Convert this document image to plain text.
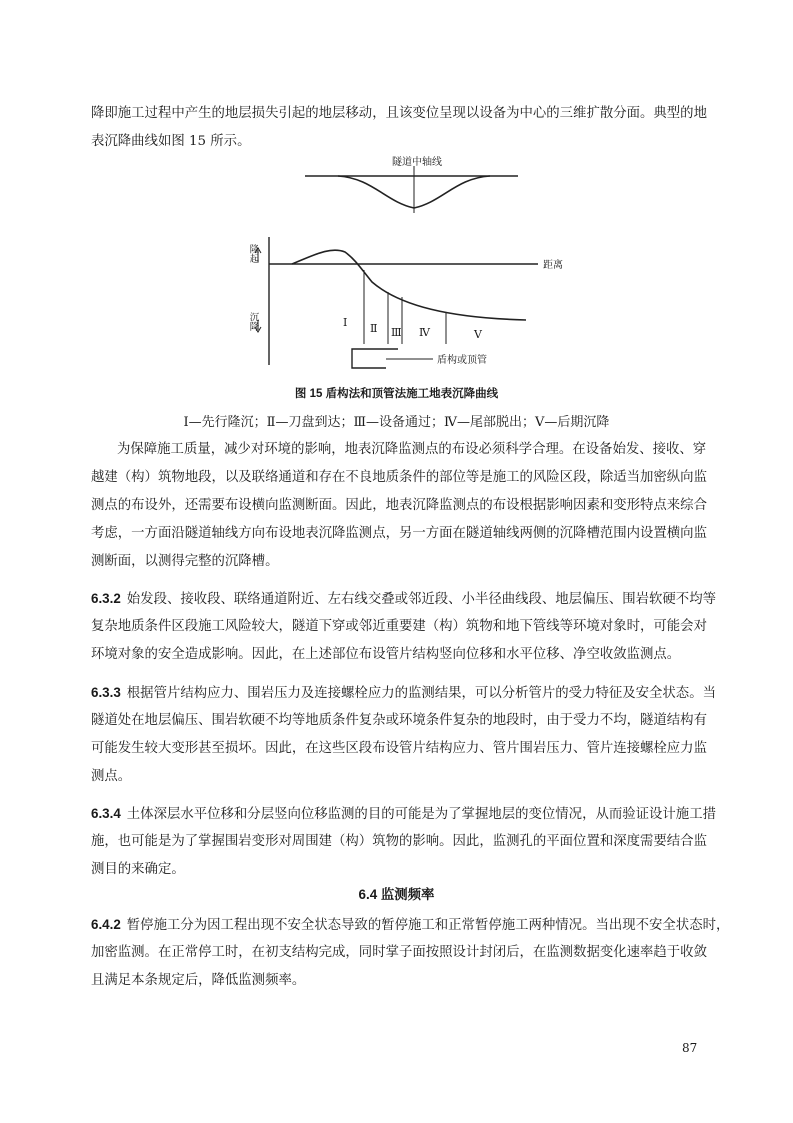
降即施工过程中产生的地层损失引起的地层移动，且该变位呈现以设备为中心的三维扩散分面。典型的地
表沉降曲线如图 15 所示。
隧道中轴线
Ⅰ Ⅱ Ⅲ Ⅳ	Ⅴ
隆起
沉降
距离
盾构或顶管
图 15 盾构法和顶管法施工地表沉降曲线
Ⅰ—先行隆沉；Ⅱ—刀盘到达；Ⅲ—设备通过；Ⅳ—尾部脱出；Ⅴ—后期沉降
为保障施工质量，减少对环境的影响，地表沉降监测点的布设必须科学合理。在设备始发、接收、穿
越建（构）筑物地段，以及联络通道和存在不良地质条件的部位等是施工的风险区段，除适当加密纵向监
测点的布设外，还需要布设横向监测断面。因此，地表沉降监测点的布设根据影响因素和变形特点来综合
考虑，一方面沿隧道轴线方向布设地表沉降监测点，另一方面在隧道轴线两侧的沉降槽范围内设置横向监
测断面，以测得完整的沉降槽。
6.3.2 始发段、接收段、联络通道附近、左右线交叠或邻近段、小半径曲线段、地层偏压、围岩软硬不均等
复杂地质条件区段施工风险较大，隧道下穿或邻近重要建（构）筑物和地下管线等环境对象时，可能会对
环境对象的安全造成影响。因此，在上述部位布设管片结构竖向位移和水平位移、净空收敛监测点。
6.3.3 根据管片结构应力、围岩压力及连接螺栓应力的监测结果，可以分析管片的受力特征及安全状态。当
隧道处在地层偏压、围岩软硬不均等地质条件复杂或环境条件复杂的地段时，由于受力不均，隧道结构有
可能发生较大变形甚至损坏。因此，在这些区段布设管片结构应力、管片围岩压力、管片连接螺栓应力监
测点。
6.3.4 土体深层水平位移和分层竖向位移监测的目的可能是为了掌握地层的变位情况，从而验证设计施工措
施，也可能是为了掌握围岩变形对周围建（构）筑物的影响。因此，监测孔的平面位置和深度需要结合监
测目的来确定。
6.4 监测频率
6.4.2 暂停施工分为因工程出现不安全状态导致的暂停施工和正常暂停施工两种情况。当出现不安全状态时，
加密监测。在正常停工时，在初支结构完成，同时掌子面按照设计封闭后，在监测数据变化速率趋于收敛
且满足本条规定后，降低监测频率。
87
